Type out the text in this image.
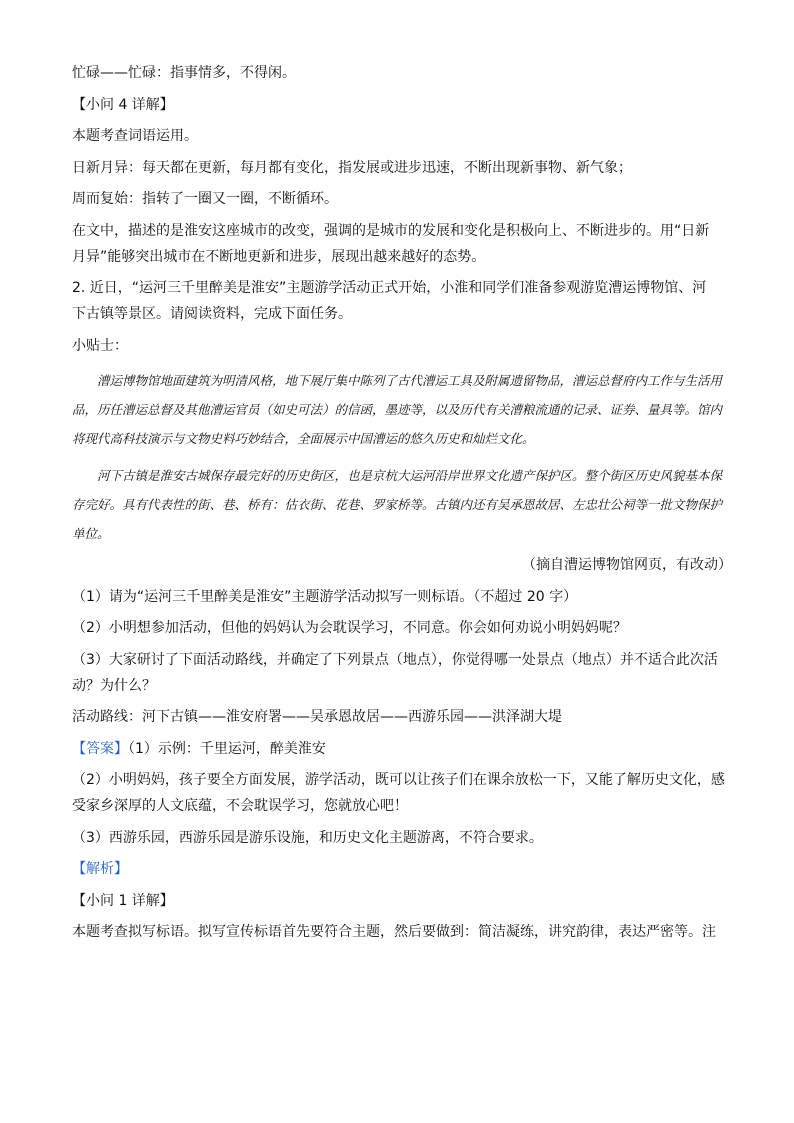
忙碌——忙碌：指事情多，不得闲。

【小问 4 详解】

本题考查词语运用。

日新月异：每天都在更新，每月都有变化，指发展或进步迅速，不断出现新事物、新气象；

周而复始：指转了一圈又一圈，不断循环。

在文中，描述的是淮安这座城市的改变，强调的是城市的发展和变化是积极向上、不断进步的。用“日新

月异”能够突出城市在不断地更新和进步，展现出越来越好的态势。

2. 近日，“运河三千里醉美是淮安”主题游学活动正式开始，小淮和同学们准备参观游览漕运博物馆、河

下古镇等景区。请阅读资料，完成下面任务。

小贴士：

漕运博物馆地面建筑为明清风格，地下展厅集中陈列了古代漕运工具及附属遗留物品，漕运总督府内工作与生活用品，历任漕运总督及其他漕运官员（如史可法）的信函，墨迹等，以及历代有关漕粮流通的记录、证券、量具等。馆内将现代高科技演示与文物史料巧妙结合，全面展示中国漕运的悠久历史和灿烂文化。

河下古镇是淮安古城保存最完好的历史街区，也是京杭大运河沿岸世界文化遗产保护区。整个街区历史风貌基本保存完好。具有代表性的街、巷、桥有：估衣街、花巷、罗家桥等。古镇内还有吴承恩故居、左忠壮公祠等一批文物保护单位。

（摘自漕运博物馆网页，有改动）

（1）请为“运河三千里醉美是淮安”主题游学活动拟写一则标语。（不超过 20 字）

（2）小明想参加活动，但他的妈妈认为会耽误学习，不同意。你会如何劝说小明妈妈呢？

（3）大家研讨了下面活动路线，并确定了下列景点（地点），你觉得哪一处景点（地点）并不适合此次活

动？为什么？

活动路线：河下古镇——淮安府署——吴承恩故居——西游乐园——洪泽湖大堤

【答案】（1）示例：千里运河，醉美淮安

（2）小明妈妈，孩子要全方面发展，游学活动，既可以让孩子们在课余放松一下，又能了解历史文化，感

受家乡深厚的人文底蕴，不会耽误学习，您就放心吧！

（3）西游乐园，西游乐园是游乐设施，和历史文化主题游离，不符合要求。

【解析】

【小问 1 详解】

本题考查拟写标语。拟写宣传标语首先要符合主题，然后要做到：简洁凝练，讲究韵律，表达严密等。注
